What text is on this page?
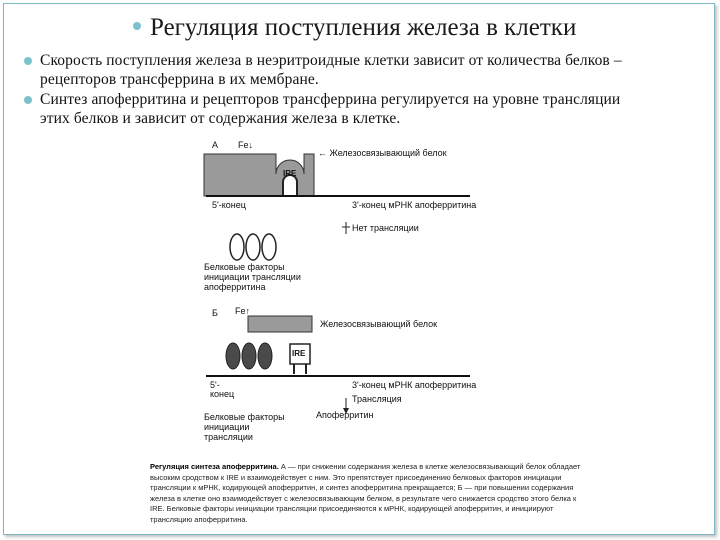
Регуляция поступления железа в клетки
Скорость поступления железа в неэритроидные клетки зависит от количества белков –
рецепторов трансферрина в их мембране.
Синтез апоферритина и рецепторов трансферрина регулируется на уровне трансляции
этих белков и зависит от содержания железа в клетке.
А Fe↓
← Железосвязывающий белок
IRE
5'-конец	3'-конец мРНК апоферритина
Нет трансляции
Белковые факторы
инициации трансляции
апоферритина
Б Fe↑
Железосвязывающий белок
IRE
5'-
конец
3'-конец мРНК апоферритина
Трансляция
Апоферритин
Белковые факторы
инициации
трансляции
Регуляция синтеза апоферритина. А — при снижении содержания железа в клетке железосвязывающий белок обладает высоким сродством к IRE и взаимодействует с ним. Это препятствует присоединению белковых факторов инициации трансляции к мРНК, кодирующей апоферритин, и синтез апоферритина прекращается; Б — при повышении содержания железа в клетке оно взаимодействует с железосвязывающим белком, в результате чего снижается сродство этого белка к IRE. Белковые факторы инициации трансляции присоединяются к мРНК, кодирующей апоферритин, и инициируют трансляцию апоферритина.
